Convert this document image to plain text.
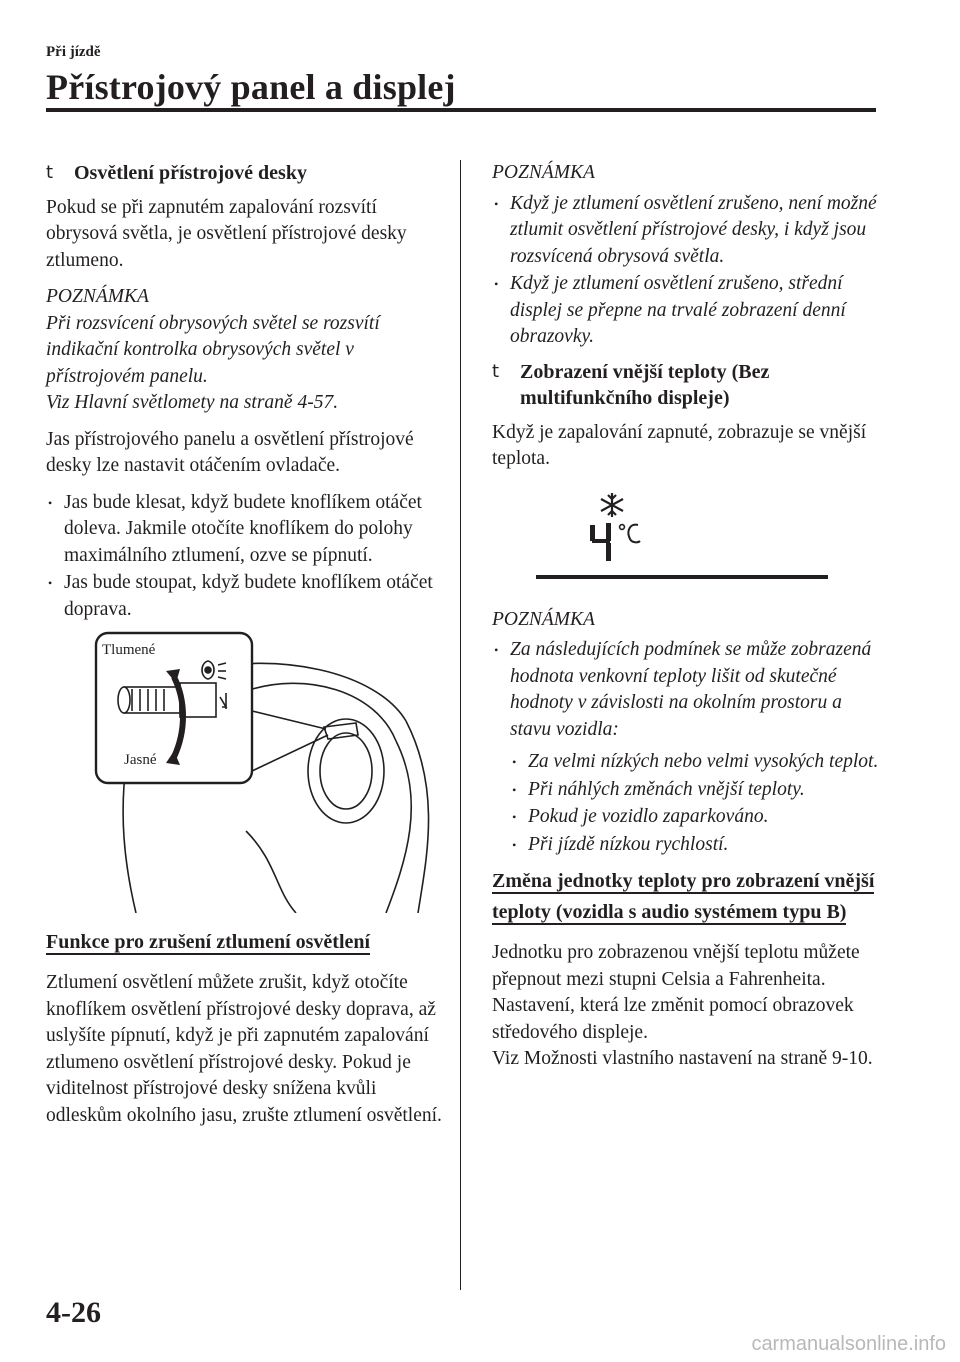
Při jízdě
Přístrojový panel a displej
t Osvětlení přístrojové desky

Pokud se při zapnutém zapalování rozsvítí obrysová světla, je osvětlení přístrojové desky ztlumeno.

POZNÁMKA
Při rozsvícení obrysových světel se rozsvítí indikační kontrolka obrysových světel v přístrojovém panelu.
Viz Hlavní světlomety na straně 4-57.

Jas přístrojového panelu a osvětlení přístrojové desky lze nastavit otáčením ovladače.

• Jas bude klesat, když budete knoflíkem otáčet doleva. Jakmile otočíte knoflíkem do polohy maximálního ztlumení, ozve se pípnutí.
• Jas bude stoupat, když budete knoflíkem otáčet doprava.
Tlumené
Jasné
Funkce pro zrušení ztlumení osvětlení

Ztlumení osvětlení můžete zrušit, když otočíte knoflíkem osvětlení přístrojové desky doprava, až uslyšíte pípnutí, když je při zapnutém zapalování ztlumeno osvětlení přístrojové desky. Pokud je viditelnost přístrojové desky snížena kvůli odleskům okolního jasu, zrušte ztlumení osvětlení.

POZNÁMKA
• Když je ztlumení osvětlení zrušeno, není možné ztlumit osvětlení přístrojové desky, i když jsou rozsvícená obrysová světla.
• Když je ztlumení osvětlení zrušeno, střední displej se přepne na trvalé zobrazení denní obrazovky.
t Zobrazení vnější teploty (Bez multifunkčního displeje)

Když je zapalování zapnuté, zobrazuje se vnější teplota.

POZNÁMKA
• Za následujících podmínek se může zobrazená hodnota venkovní teploty lišit od skutečné hodnoty v závislosti na okolním prostoru a stavu vozidla:
• Za velmi nízkých nebo velmi vysokých teplot.
• Při náhlých změnách vnější teploty.
• Pokud je vozidlo zaparkováno.
• Při jízdě nízkou rychlostí.
Změna jednotky teploty pro zobrazení vnější teploty (vozidla s audio systémem typu B)
Jednotku pro zobrazenou vnější teplotu můžete přepnout mezi stupni Celsia a Fahrenheita.
Nastavení, která lze změnit pomocí obrazovek středového displeje.
Viz Možnosti vlastního nastavení na straně 9-10.
4-26
carmanualsonline.info
